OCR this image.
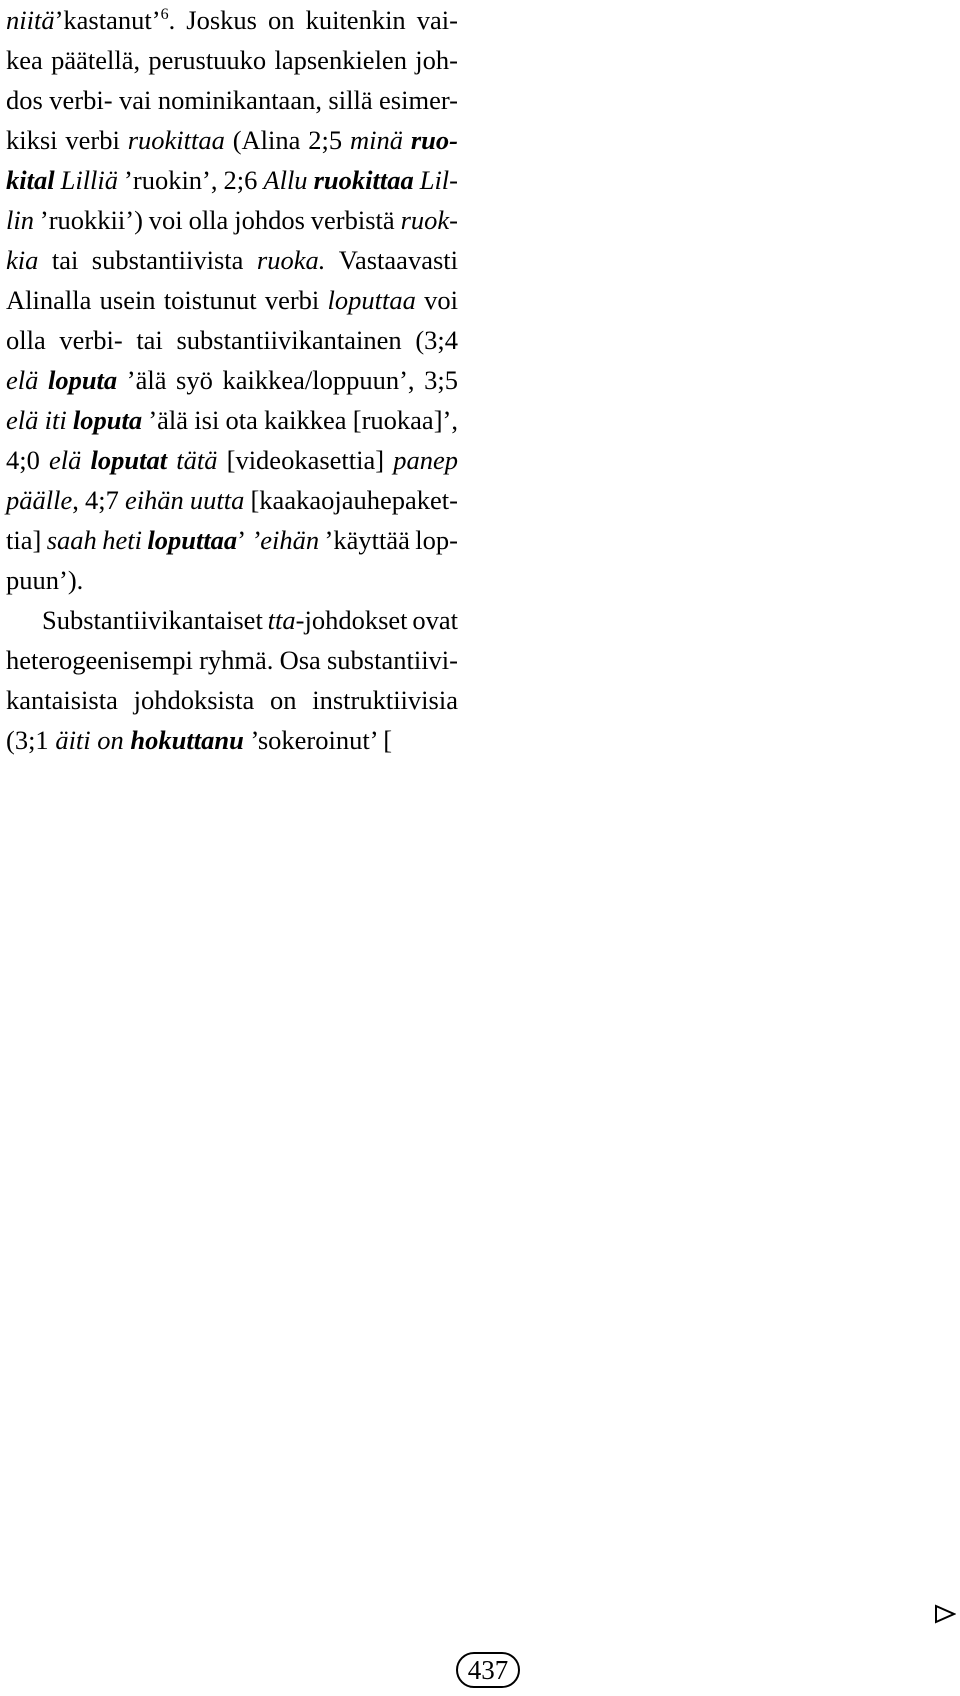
niitä’kastanut’$^6$. Joskus on kuitenkin vai-
kea päätellä, perustuuko lapsenkielen joh-
dos verbi- vai nominikantaan, sillä esimer-
kiksi verbi ruokittaa (Alina 2;5 minä ruo-
kital Lilliä ’ruokin’, 2;6 Allu ruokittaa Lil-
lin ’ruokkii’) voi olla johdos verbistä ruok-
kia tai substantiivista ruoka. Vastaavasti
Alinalla usein toistunut verbi loputtaa voi
olla verbi- tai substantiivikantainen (3;4
elä loputa ’älä syö kaikkea/loppuun’, 3;5
elä iti loputa ’älä isi ota kaikkea [ruokaa]’,
4;0 elä loputat tätä [videokasettia] panep
päälle, 4;7 eihän uutta [kaakaojauhepaket-
tia] saah heti loputtaa’ ’eihän ’käyttää lop-
puun’).
Substantiivikantaiset tta-johdokset ovat
heterogeenisempi ryhmä. Osa substantiivi-
kantaisista johdoksista on instruktiivisia
(3;1 äiti on
hokuttanu ’sokeroinut’ [
437
